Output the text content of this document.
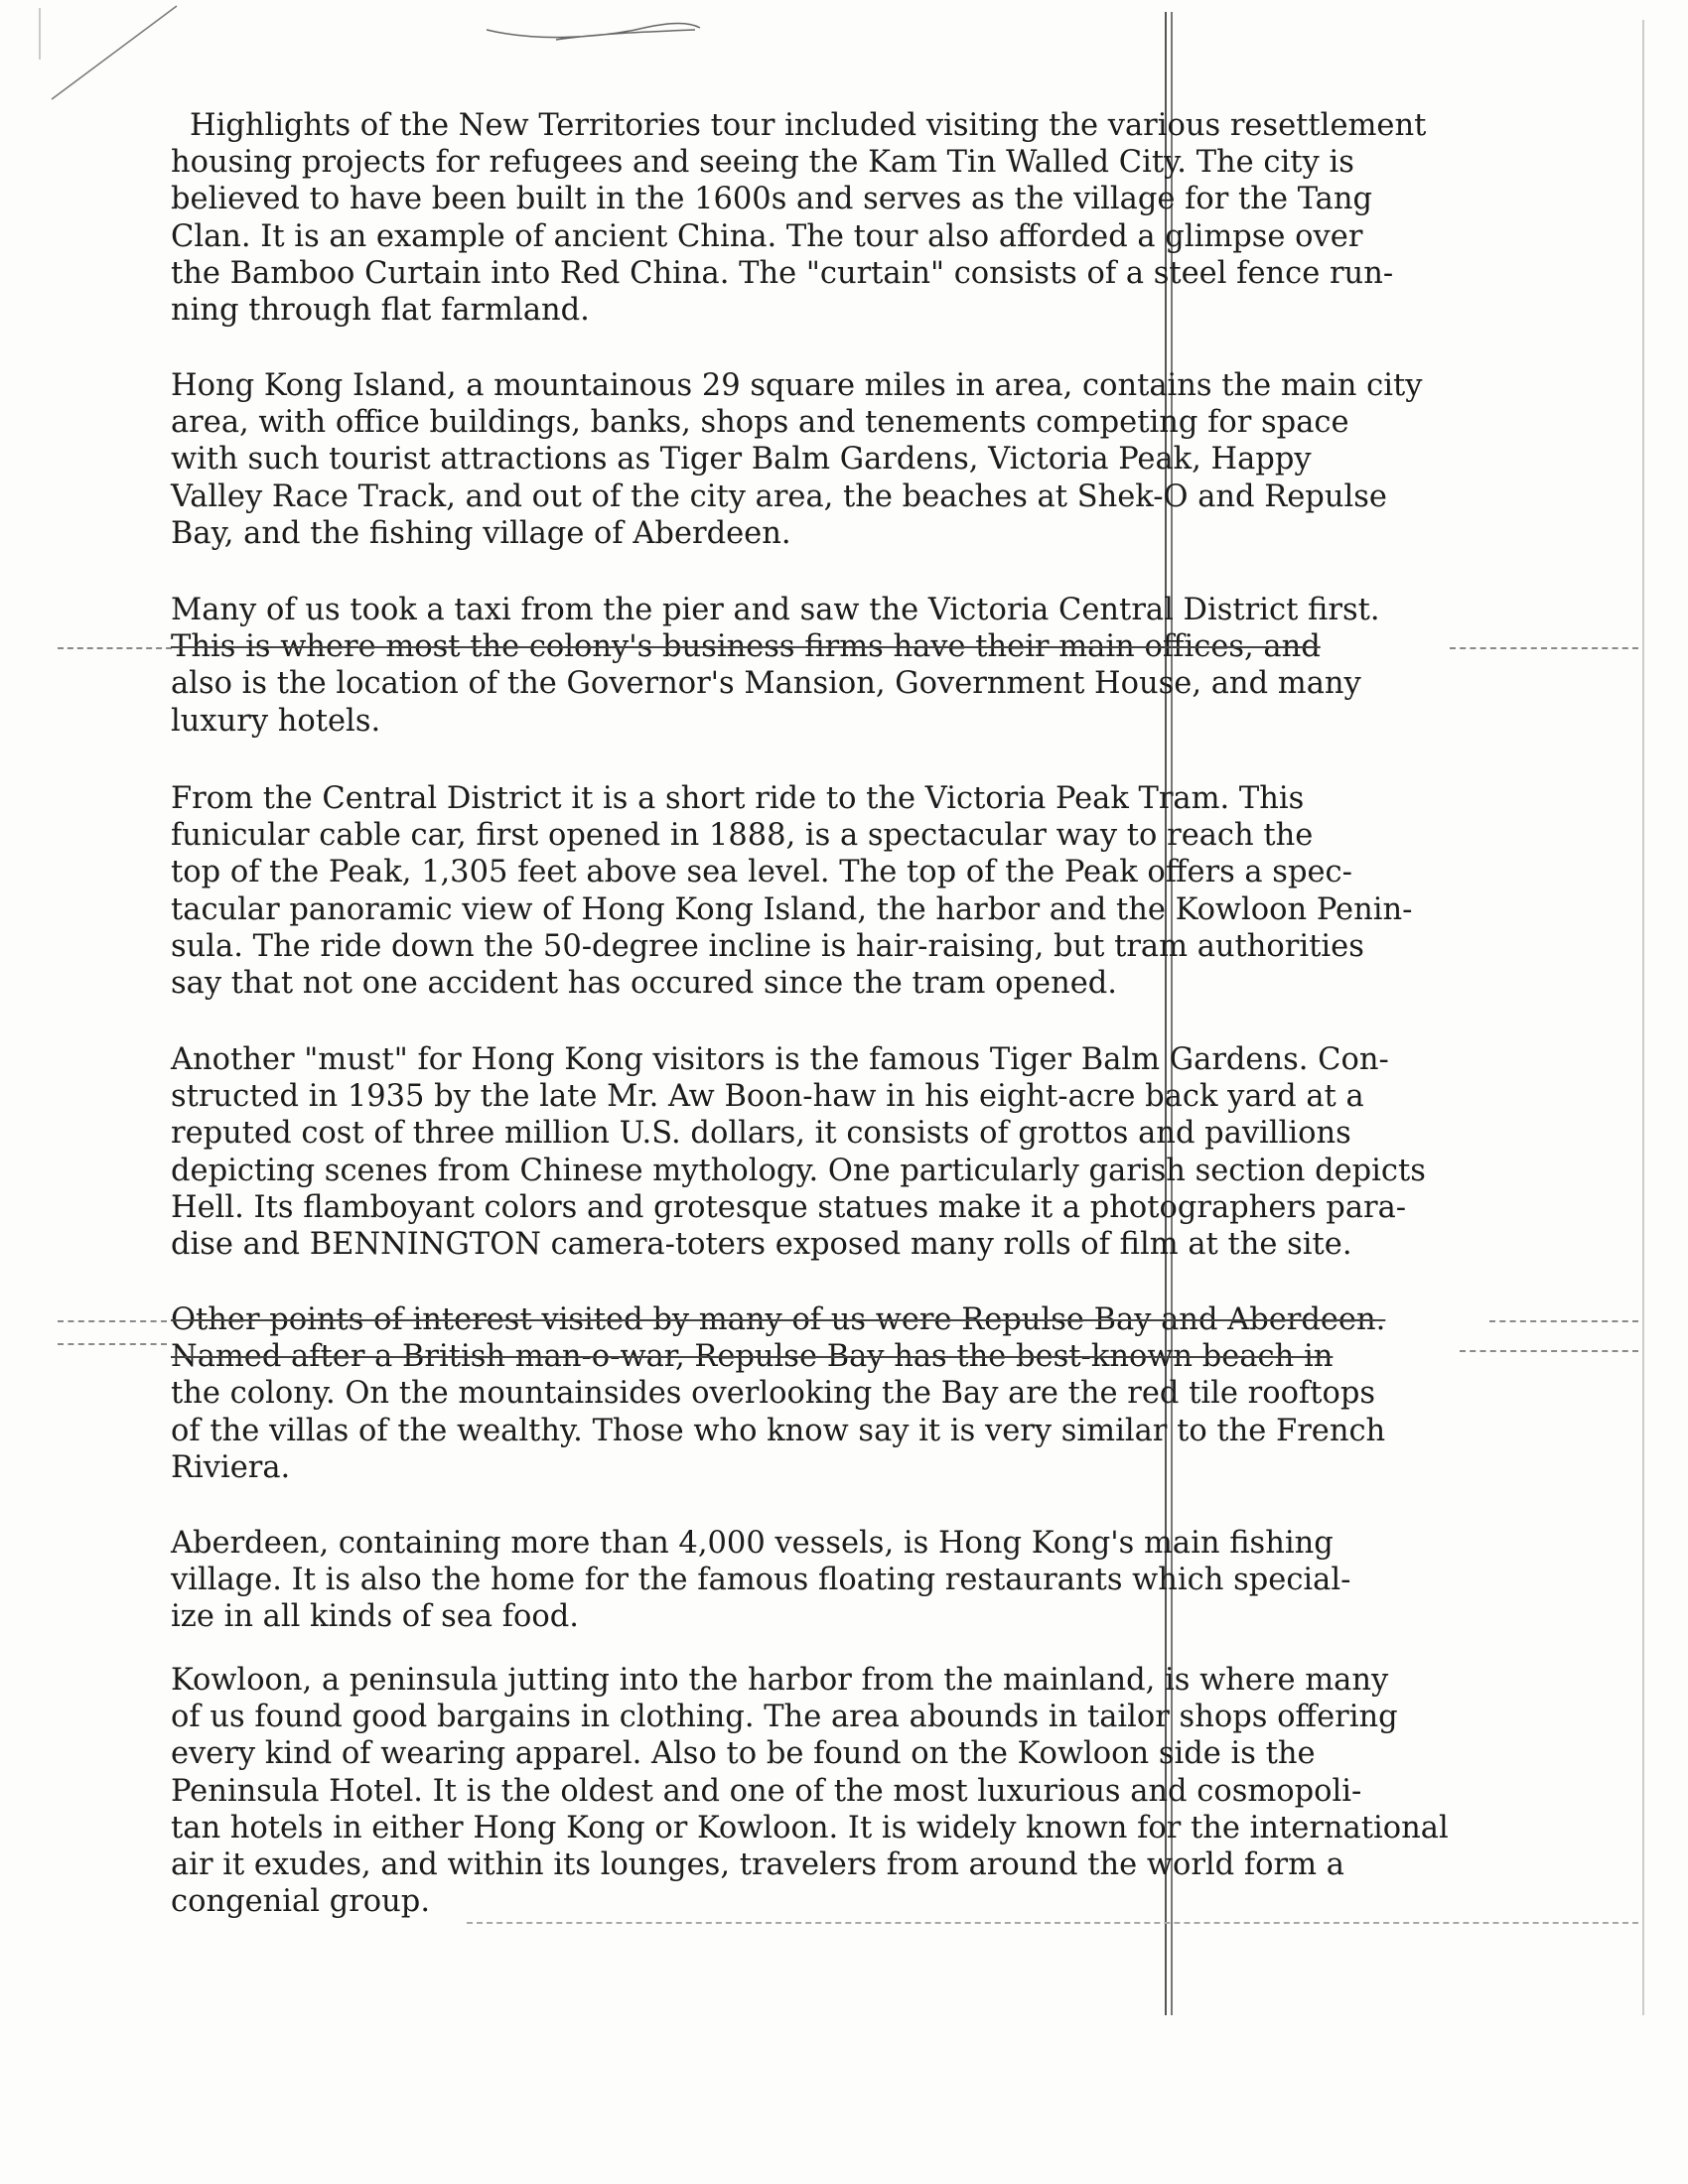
Highlights of the New Territories tour included visiting the various resettlement
housing projects for refugees and seeing the Kam Tin Walled City. The city is
believed to have been built in the 1600s and serves as the village for the Tang
Clan. It is an example of ancient China. The tour also afforded a glimpse over
the Bamboo Curtain into Red China. The "curtain" consists of a steel fence run-
ning through flat farmland.
Hong Kong Island, a mountainous 29 square miles in area, contains the main city
area, with office buildings, banks, shops and tenements competing for space
with such tourist attractions as Tiger Balm Gardens, Victoria Peak, Happy
Valley Race Track, and out of the city area, the beaches at Shek-O and Repulse
Bay, and the fishing village of Aberdeen.
Many of us took a taxi from the pier and saw the Victoria Central District first.
This is where most the colony's business firms have their main offices, and
also is the location of the Governor's Mansion, Government House, and many
luxury hotels.
From the Central District it is a short ride to the Victoria Peak Tram. This
funicular cable car, first opened in 1888, is a spectacular way to reach the
top of the Peak, 1,305 feet above sea level. The top of the Peak offers a spec-
tacular panoramic view of Hong Kong Island, the harbor and the Kowloon Penin-
sula. The ride down the 50-degree incline is hair-raising, but tram authorities
say that not one accident has occured since the tram opened.
Another "must" for Hong Kong visitors is the famous Tiger Balm Gardens. Con-
structed in 1935 by the late Mr. Aw Boon-haw in his eight-acre back yard at a
reputed cost of three million U.S. dollars, it consists of grottos and pavillions
depicting scenes from Chinese mythology. One particularly garish section depicts
Hell. Its flamboyant colors and grotesque statues make it a photographers para-
dise and BENNINGTON camera-toters exposed many rolls of film at the site.
Other points of interest visited by many of us were Repulse Bay and Aberdeen.
Named after a British man-o-war, Repulse Bay has the best-known beach in
the colony. On the mountainsides overlooking the Bay are the red tile rooftops
of the villas of the wealthy. Those who know say it is very similar to the French
Riviera.
Aberdeen, containing more than 4,000 vessels, is Hong Kong's main fishing
village. It is also the home for the famous floating restaurants which special-
ize in all kinds of sea food.
Kowloon, a peninsula jutting into the harbor from the mainland, is where many
of us found good bargains in clothing. The area abounds in tailor shops offering
every kind of wearing apparel. Also to be found on the Kowloon side is the
Peninsula Hotel. It is the oldest and one of the most luxurious and cosmopoli-
tan hotels in either Hong Kong or Kowloon. It is widely known for the international
air it exudes, and within its lounges, travelers from around the world form a
congenial group.
